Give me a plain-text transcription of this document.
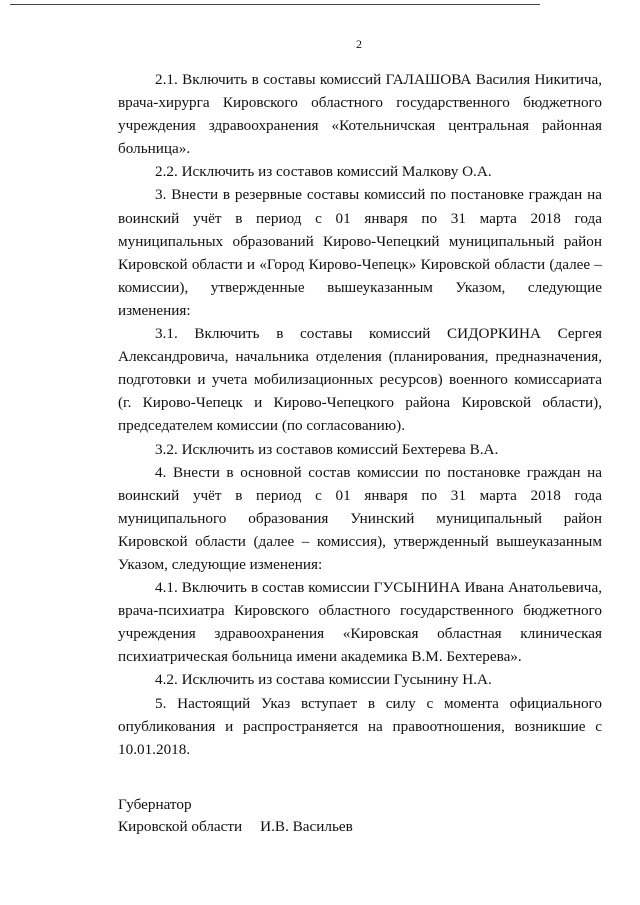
2

2.1. Включить в составы комиссий ГАЛАШОВА Василия Никитича, врача-хирурга Кировского областного государственного бюджетного учреждения здравоохранения «Котельничская центральная районная больница».

2.2. Исключить из составов комиссий Малкову О.А.

3. Внести в резервные составы комиссий по постановке граждан на воинский учёт в период с 01 января по 31 марта 2018 года муниципальных образований Кирово-Чепецкий муниципальный район Кировской области и «Город Кирово-Чепецк» Кировской области (далее – комиссии), утвержденные вышеуказанным Указом, следующие изменения:

3.1. Включить в составы комиссий СИДОРКИНА Сергея Александровича, начальника отделения (планирования, предназначения, подготовки и учета мобилизационных ресурсов) военного комиссариата (г. Кирово-Чепецк и Кирово-Чепецкого района Кировской области), председателем комиссии (по согласованию).

3.2. Исключить из составов комиссий Бехтерева В.А.

4. Внести в основной состав комиссии по постановке граждан на воинский учёт в период с 01 января по 31 марта 2018 года муниципального образования Унинский муниципальный район Кировской области (далее – комиссия), утвержденный вышеуказанным Указом, следующие изменения:

4.1. Включить в состав комиссии ГУСЫНИНА Ивана Анатольевича, врача-психиатра Кировского областного государственного бюджетного учреждения здравоохранения «Кировская областная клиническая психиатрическая больница имени академика В.М. Бехтерева».

4.2. Исключить из состава комиссии Гусынину Н.А.

5. Настоящий Указ вступает в силу с момента официального опубликования и распространяется на правоотношения, возникшие с 10.01.2018.

Губернатор
Кировской области И.В. Васильев
